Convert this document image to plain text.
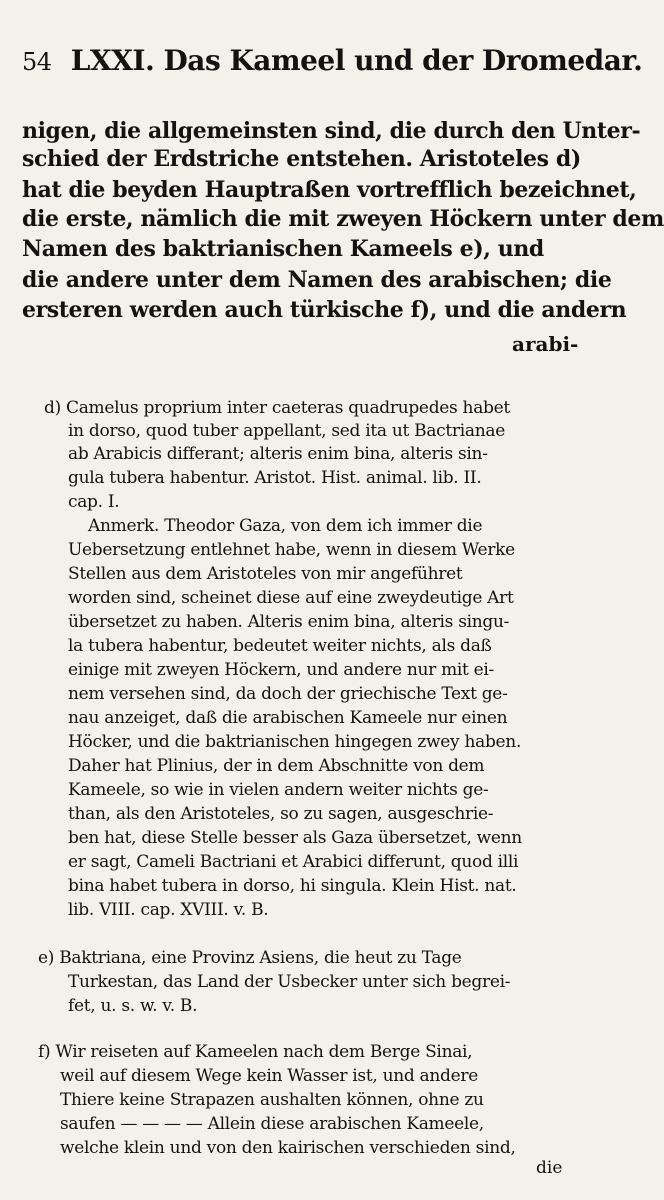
54 LXXI. Das Kameel und der Dromedar.
nigen, die allgemeinsten sind, die durch den Unter-
schied der Erdstriche entstehen. Aristoteles d)
hat die beyden Hauptraßen vortrefflich bezeichnet,
die erste, nämlich die mit zweyen Höckern unter dem
Namen des baktrianischen Kameels e), und
die andere unter dem Namen des arabischen; die
ersteren werden auch türkische f), und die andern
arabi-
d) Camelus proprium inter caeteras quadrupedes habet
in dorso, quod tuber appellant, sed ita ut Bactrianae
ab Arabicis differant; alteris enim bina, alteris sin-
gula tubera habentur. Aristot. Hist. animal. lib. II.
cap. I.
Anmerk. Theodor Gaza, von dem ich immer die
Uebersetzung entlehnet habe, wenn in diesem Werke
Stellen aus dem Aristoteles von mir angeführet
worden sind, scheinet diese auf eine zweydeutige Art
übersetzet zu haben. Alteris enim bina, alteris singu-
la tubera habentur, bedeutet weiter nichts, als daß
einige mit zweyen Höckern, und andere nur mit ei-
nem versehen sind, da doch der griechische Text ge-
nau anzeiget, daß die arabischen Kameele nur einen
Höcker, und die baktrianischen hingegen zwey haben.
Daher hat Plinius, der in dem Abschnitte von dem
Kameele, so wie in vielen andern weiter nichts ge-
than, als den Aristoteles, so zu sagen, ausgeschrie-
ben hat, diese Stelle besser als Gaza übersetzet, wenn
er sagt, Cameli Bactriani et Arabici differunt, quod illi
bina habet tubera in dorso, hi singula. Klein Hist. nat.
lib. VIII. cap. XVIII. v. B.
e) Baktriana, eine Provinz Asiens, die heut zu Tage
Turkestan, das Land der Usbecker unter sich begrei-
fet, u. s. w. v. B.
f) Wir reiseten auf Kameelen nach dem Berge Sinai,
weil auf diesem Wege kein Wasser ist, und andere
Thiere keine Strapazen aushalten können, ohne zu
saufen — — — — Allein diese arabischen Kameele,
welche klein und von den kairischen verschieden sind,
die
